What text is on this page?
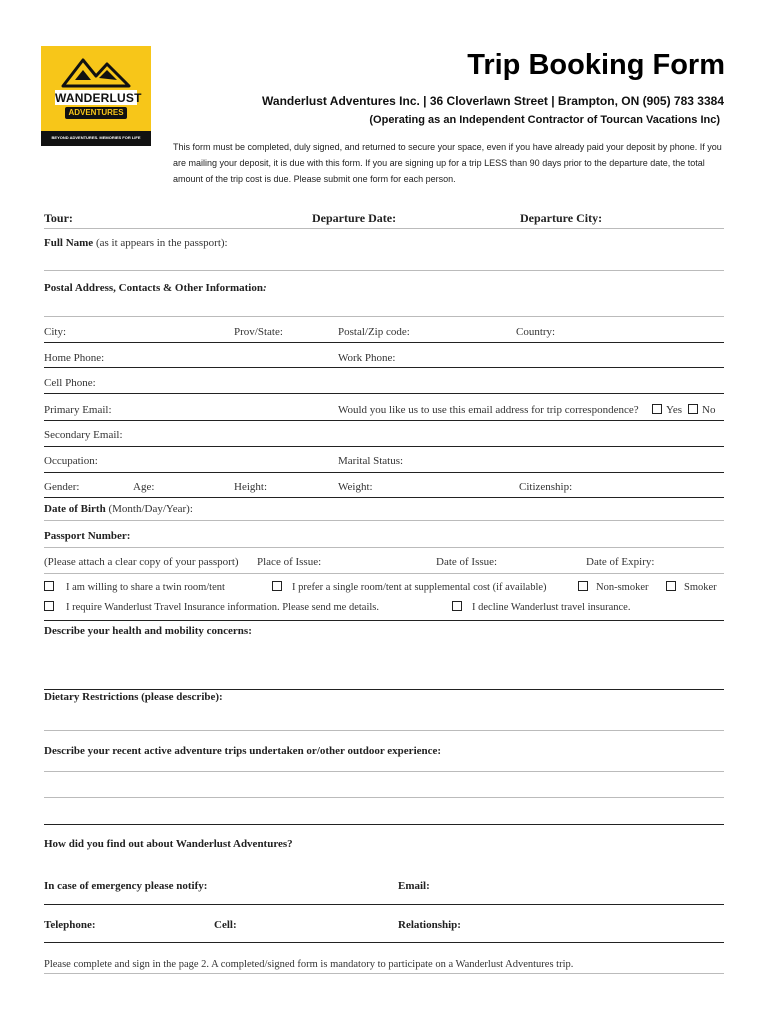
WANDERLUST
ADVENTURES
BEYOND ADVENTURES. MEMORIES FOR LIFE
Trip Booking Form
Wanderlust Adventures Inc. | 36 Cloverlawn Street | Brampton, ON (905) 783 3384
(Operating as an Independent Contractor of Tourcan Vacations Inc)
This form must be completed, duly signed, and returned to secure your space, even if you have already paid your deposit by phone. If you are mailing your deposit, it is due with this form. If you are signing up for a trip LESS than 90 days prior to the departure date, the total amount of the trip cost is due. Please submit one form for each person.
Tour:	Departure Date:	Departure City:
Full Name (as it appears in the passport):
Postal Address, Contacts & Other Information:
City:	Prov/State:	Postal/Zip code:	Country:
Home Phone:	Work Phone:
Cell Phone:
Primary Email:	Would you like us to use this email address for trip correspondence?	Yes	No
Secondary Email:
Occupation:	Marital Status:
Gender:	Age:	Height:	Weight:	Citizenship:
Date of Birth (Month/Day/Year):
Passport Number:
(Please attach a clear copy of your passport) Place of Issue:	Date of Issue:	Date of Expiry:
I am willing to share a twin room/tent	I prefer a single room/tent at supplemental cost (if available)	Non-smoker	Smoker
I require Wanderlust Travel Insurance information. Please send me details.	I decline Wanderlust travel insurance.
Describe your health and mobility concerns:
Dietary Restrictions (please describe):
Describe your recent active adventure trips undertaken or/other outdoor experience:
How did you find out about Wanderlust Adventures?
In case of emergency please notify:	Email:
Telephone:	Cell:	Relationship:
Please complete and sign in the page 2. A completed/signed form is mandatory to participate on a Wanderlust Adventures trip.
